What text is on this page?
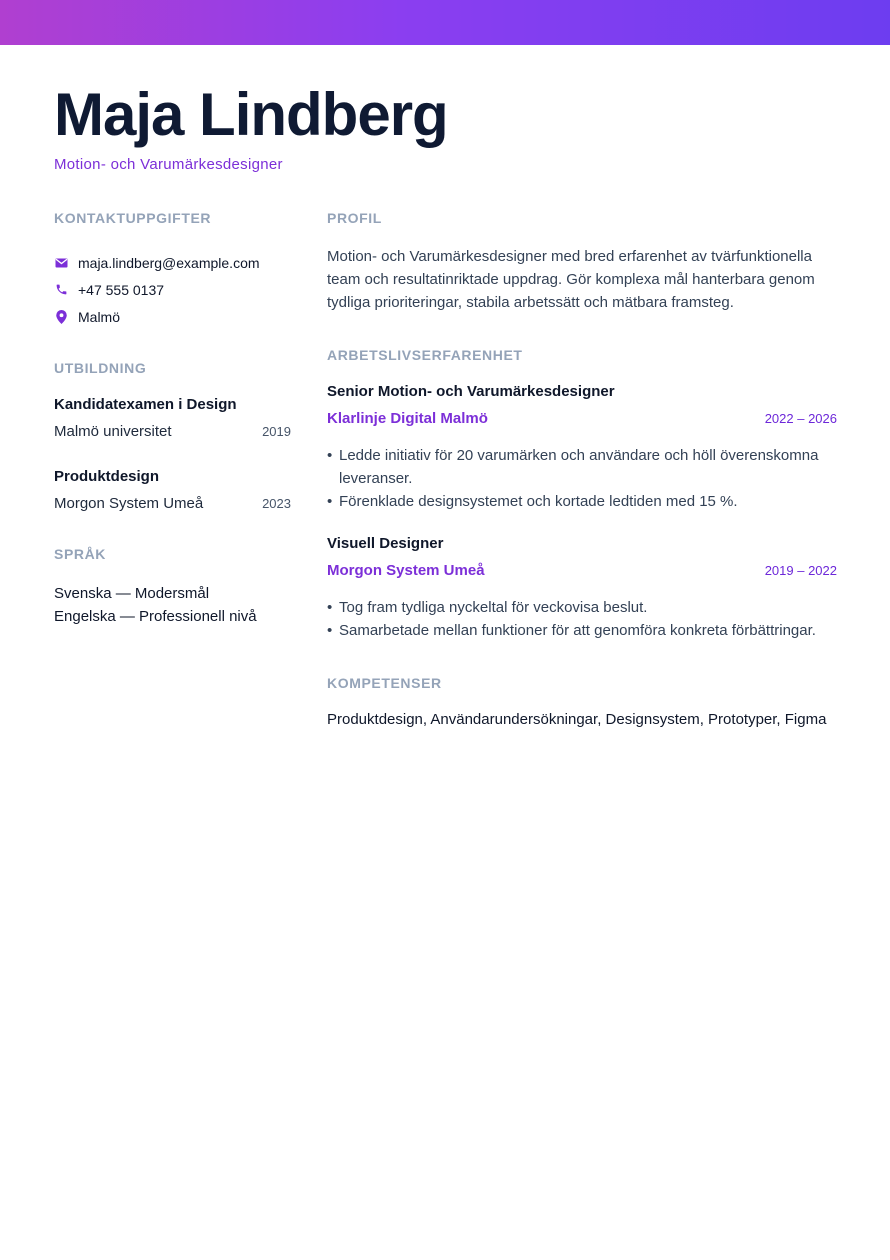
Maja Lindberg
Motion- och Varumärkesdesigner
KONTAKTUPPGIFTER
maja.lindberg@example.com
+47 555 0137
Malmö
UTBILDNING
Kandidatexamen i Design
Malmö universitet	2019
Produktdesign
Morgon System Umeå	2023
SPRÅK
Svenska — Modersmål
Engelska — Professionell nivå
PROFIL

Motion- och Varumärkesdesigner med bred erfarenhet av tvärfunktionella team och resultatinriktade uppdrag. Gör komplexa mål hanterbara genom tydliga prioriteringar, stabila arbetssätt och mätbara framsteg.

ARBETSLIVSERFARENHET
Senior Motion- och Varumärkesdesigner
Klarlinje Digital Malmö	2022 – 2026
• Ledde initiativ för 20 varumärken och användare och höll överenskomna leveranser.
• Förenklade designsystemet och kortade ledtiden med 15 %.
Visuell Designer
Morgon System Umeå	2019 – 2022
• Tog fram tydliga nyckeltal för veckovisa beslut.
• Samarbetade mellan funktioner för att genomföra konkreta förbättringar.
KOMPETENSER
Produktdesign, Användarundersökningar, Designsystem, Prototyper, Figma
